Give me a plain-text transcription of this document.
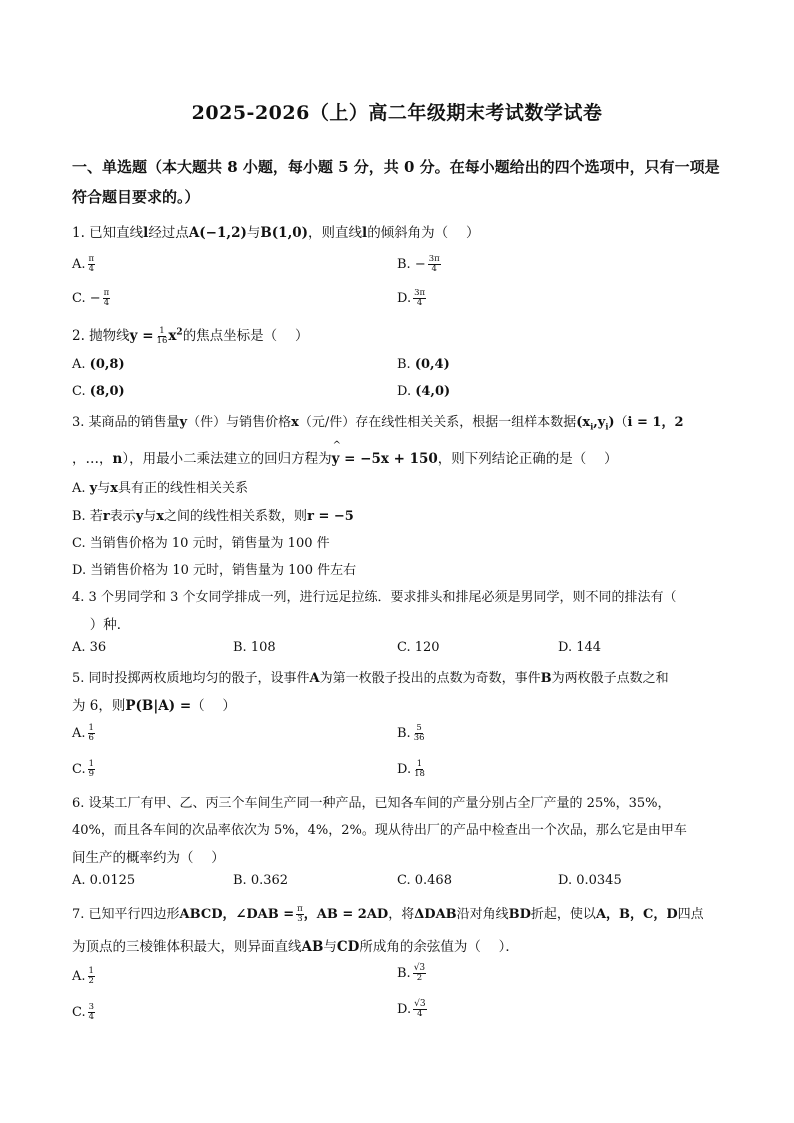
2025-2026（上）高二年级期末考试数学试卷
一、单选题（本大题共 8 小题，每小题 5 分，共 0 分。在每小题给出的四个选项中，只有一项是符合题目要求的。）
1. 已知直线l经过点A(−1,2)与B(1,0)，则直线l的倾斜角为（　 ）
A. $\frac{\pi}{4}$	B. − $\frac{3\pi}{4}$
C. − $\frac{\pi}{4}$	D. $\frac{3\pi}{4}$
2. 抛物线$y = \frac{1}{16} x^2$的焦点坐标是（　 ）
A. (0,8)	B. (0,4)
C. (8,0)	D. (4,0)
3. 某商品的销售量y（件）与销售价格x（元/件）存在线性相关关系，根据一组样本数据$(x_i,y_i)(i = 1$，2
，…，n），用最小二乘法建立的回归方程为
^
y = −5x + 150，则下列结论正确的是（　 ）
A. y与x具有正的线性相关关系
B. 若r表示y与x之间的线性相关系数，则r = −5
C. 当销售价格为 10 元时，销售量为 100 件
D. 当销售价格为 10 元时，销售量为 100 件左右
4. 3 个男同学和 3 个女同学排成一列，进行远足拉练．要求排头和排尾必须是男同学，则不同的排法有（
　 ）种．
A. 36	B. 108	C. 120	D. 144
5. 同时投掷两枚质地均匀的骰子，设事件A为第一枚骰子投出的点数为奇数，事件B为两枚骰子点数之和
为 6，则P(B|A) =（　 ）
A. $\frac{1}{6}$	B. $\frac{5}{36}$
C. $\frac{1}{9}$	D. $\frac{1}{18}$
6. 设某工厂有甲、乙、丙三个车间生产同一种产品，已知各车间的产量分别占全厂产量的 25%，35%，
40%，而且各车间的次品率依次为 5%，4%，2%。现从待出厂的产品中检查出一个次品，那么它是由甲车
间生产的概率约为（　 ）
A. 0.0125	B. 0.362	C. 0.468	D. 0.0345
7. 已知平行四边形ABCD，∠DAB = $\frac{\pi}{3}$ ，AB = 2AD，将ΔDAB沿对角线BD折起，使以A，B，C，D四点
为顶点的三棱锥体积最大，则异面直线AB与CD所成角的余弦值为（　 ）．
A. $\frac{1}{2}$	B. $\frac{√3}{2}$
C. $\frac{3}{4}$	D. $\frac{√3}{4}$
